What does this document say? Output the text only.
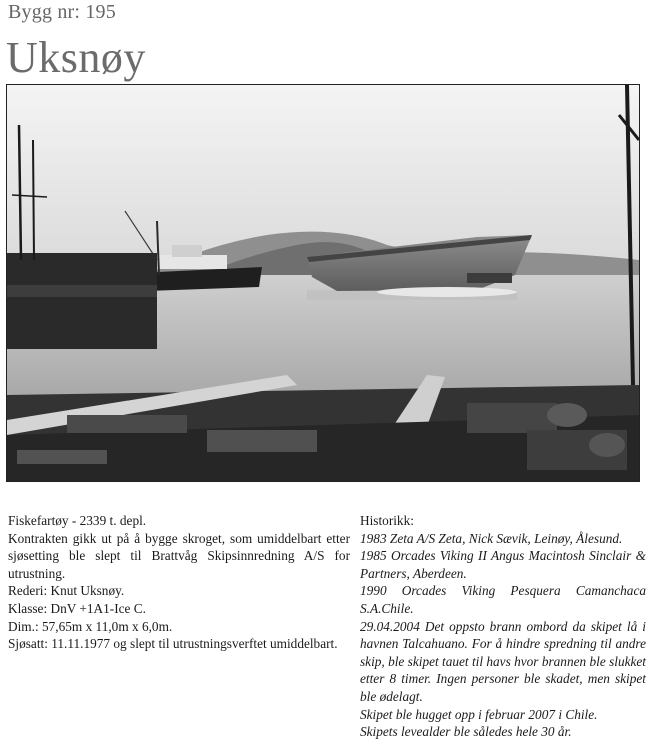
Bygg nr: 195
Uksnøy
Fiskefartøy - 2339 t. depl.
Kontrakten gikk ut på å bygge skroget, som umiddelbart etter sjøsetting ble slept til Brattvåg Skipsinnredning A/S for utrustning.
Rederi: Knut Uksnøy.
Klasse: DnV +1A1-Ice C.
Dim.: 57,65m x 11,0m x 6,0m.
Sjøsatt: 11.11.1977 og slept til utrustningsverftet umiddelbart.
Historikk:
1983 Zeta A/S Zeta, Nick Sævik, Leinøy, Ålesund.
1985 Orcades Viking II Angus Macintosh Sinclair & Partners, Aberdeen.
1990 Orcades Viking Pesquera Camanchaca S.A.Chile.
29.04.2004 Det oppsto brann ombord da skipet lå i havnen Talcahuano. For å hindre spredning til andre skip, ble skipet tauet til havs hvor brannen ble slukket etter 8 timer. Ingen personer ble skadet, men skipet ble ødelagt.
Skipet ble hugget opp i februar 2007 i Chile.
Skipets levealder ble således hele 30 år.
